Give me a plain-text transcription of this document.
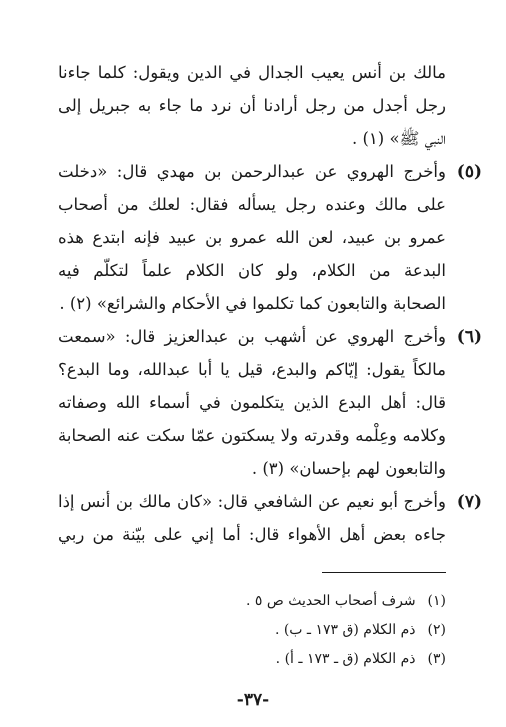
مالك بن أنس يعيب الجدال في الدين ويقول: كلما جاءنا
رجل أجدل من رجل أرادنا أن نرد ما جاء به جبريل إلى
النبي ﷺ» (١) .
(٥)
وأخرج الهروي عن عبدالرحمن بن مهدي قال: «دخلت
على مالك وعنده رجل يسأله فقال: لعلك من أصحاب
عمرو بن عبيد، لعن الله عمرو بن عبيد فإنه ابتدع هذه
البدعة من الكلام، ولو كان الكلام علماً لتكلّم فيه
الصحابة والتابعون كما تكلموا في الأحكام والشرائع» (٢) .
(٦)
وأخرج الهروي عن أشهب بن عبدالعزيز قال: «سمعت
مالكاً يقول: إيّاكم والبدع، قيل يا أبا عبدالله، وما البدع؟
قال: أهل البدع الذين يتكلمون في أسماء الله وصفاته
وكلامه وعِلْمه وقدرته ولا يسكتون عمّا سكت عنه الصحابة
والتابعون لهم بإحسان» (٣) .
(٧)
وأخرج أبو نعيم عن الشافعي قال: «كان مالك بن أنس إذا
جاءه بعض أهل الأهواء قال: أما إني على بيّنة من ربي
(١) شرف أصحاب الحديث ص ٥ .
(٢) ذم الكلام (ق ١٧٣ ـ ب) .
(٣) ذم الكلام (ق ـ ١٧٣ ـ أ) .
-٣٧-
